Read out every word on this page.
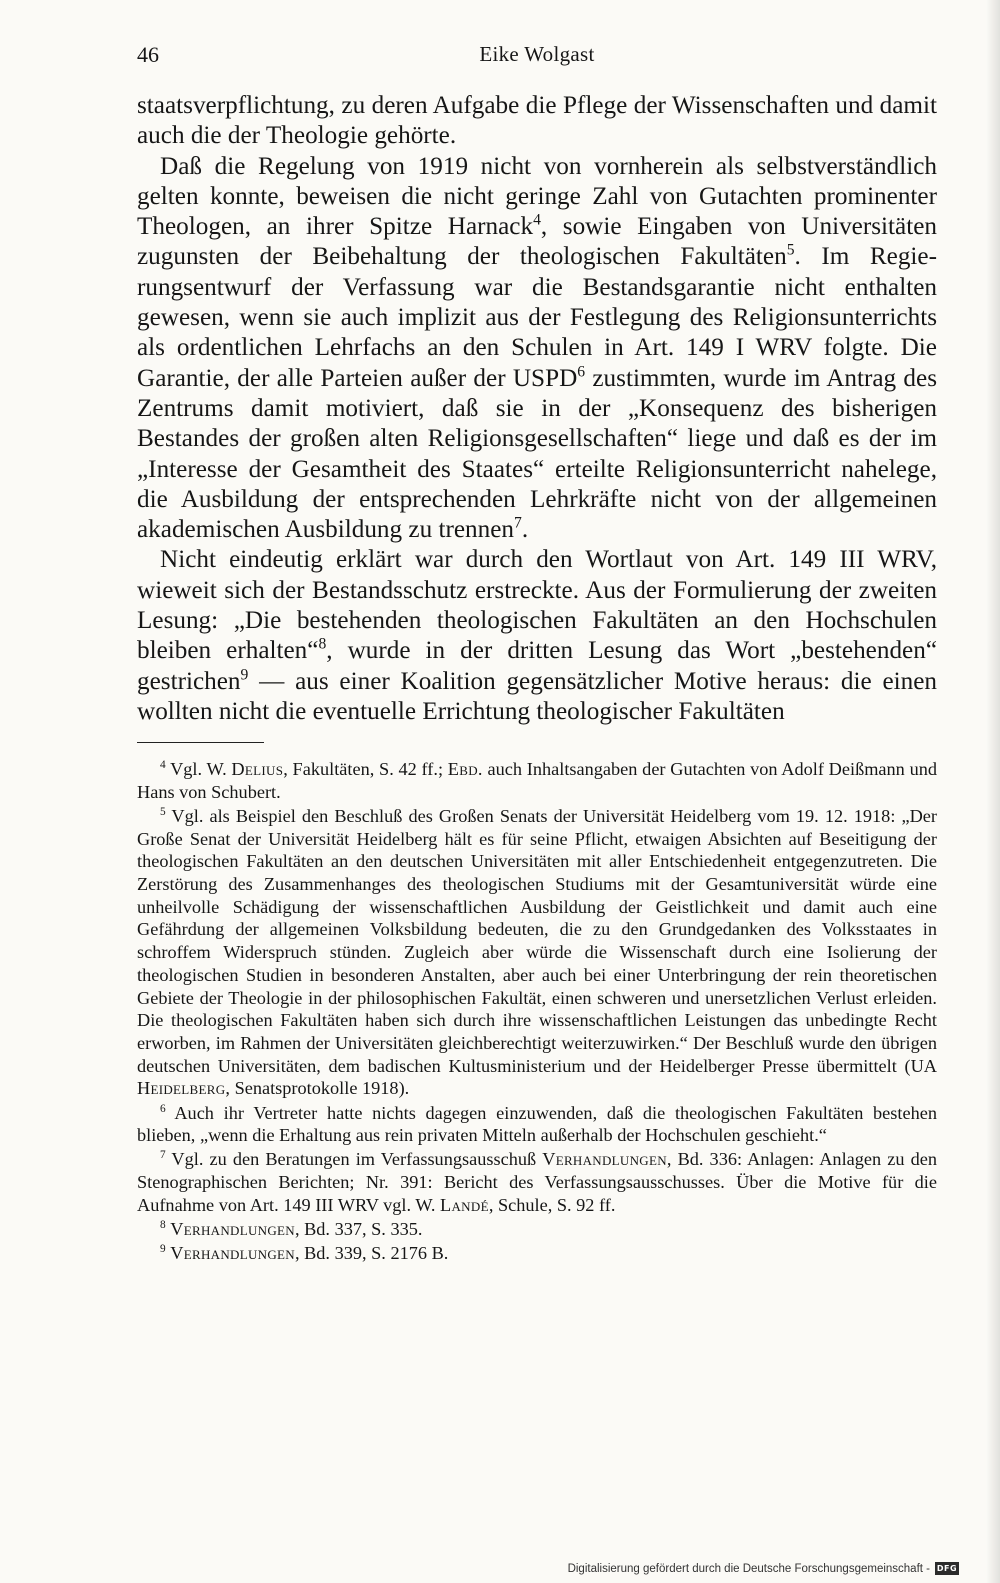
46	Eike Wolgast

staatsverpflichtung, zu deren Aufgabe die Pflege der Wissenschaften und damit auch die der Theologie gehörte.

Daß die Regelung von 1919 nicht von vornherein als selbstverständlich gelten konnte, beweisen die nicht geringe Zahl von Gutachten prominenter Theologen, an ihrer Spitze Harnack$^4$, sowie Eingaben von Universitäten zugunsten der Beibehaltung der theologischen Fakultäten$^5$. Im Regierungsentwurf der Verfassung war die Bestandsgarantie nicht enthalten gewesen, wenn sie auch implizit aus der Festlegung des Religionsunterrichts als ordentlichen Lehrfachs an den Schulen in Art. 149 I WRV folgte. Die Garantie, der alle Parteien außer der USPD$^6$ zustimmten, wurde im Antrag des Zentrums damit motiviert, daß sie in der „Konsequenz des bisherigen Bestandes der großen alten Religionsgesellschaften“ liege und daß es der im „Interesse der Gesamtheit des Staates“ erteilte Religionsunterricht nahelege, die Ausbildung der entsprechenden Lehrkräfte nicht von der allgemeinen akademischen Ausbildung zu trennen$^7$.

Nicht eindeutig erklärt war durch den Wortlaut von Art. 149 III WRV, wieweit sich der Bestandsschutz erstreckte. Aus der Formulierung der zweiten Lesung: „Die bestehenden theologischen Fakultäten an den Hochschulen bleiben erhalten“$^8$, wurde in der dritten Lesung das Wort „bestehenden“ gestrichen$^9$ — aus einer Koalition gegensätzlicher Motive heraus: die einen wollten nicht die eventuelle Errichtung theologischer Fakultäten

$^4$ Vgl. W. Delius, Fakultäten, S. 42 ff.; Ebd. auch Inhaltsangaben der Gutachten von Adolf Deißmann und Hans von Schubert.

$^5$ Vgl. als Beispiel den Beschluß des Großen Senats der Universität Heidelberg vom 19. 12. 1918: „Der Große Senat der Universität Heidelberg hält es für seine Pflicht, etwaigen Absichten auf Beseitigung der theologischen Fakultäten an den deutschen Universitäten mit aller Entschiedenheit entgegenzutreten. Die Zerstörung des Zusammenhanges des theologischen Studiums mit der Gesamtuniversität würde eine unheilvolle Schädigung der wissenschaftlichen Ausbildung der Geistlichkeit und damit auch eine Gefährdung der allgemeinen Volksbildung bedeuten, die zu den Grundgedanken des Volksstaates in schroffem Widerspruch stünden. Zugleich aber würde die Wissenschaft durch eine Isolierung der theologischen Studien in besonderen Anstalten, aber auch bei einer Unterbringung der rein theoretischen Gebiete der Theologie in der philosophischen Fakultät, einen schweren und unersetzlichen Verlust erleiden. Die theologischen Fakultäten haben sich durch ihre wissenschaftlichen Leistungen das unbedingte Recht erworben, im Rahmen der Universitäten gleichberechtigt weiterzuwirken.“ Der Beschluß wurde den übrigen deutschen Universitäten, dem badischen Kultusministerium und der Heidelberger Presse übermittelt (UA Heidelberg, Senatsprotokolle 1918).

$^6$ Auch ihr Vertreter hatte nichts dagegen einzuwenden, daß die theologischen Fakultäten bestehen blieben, „wenn die Erhaltung aus rein privaten Mitteln außerhalb der Hochschulen geschieht.“

$^7$ Vgl. zu den Beratungen im Verfassungsausschuß Verhandlungen, Bd. 336: Anlagen: Anlagen zu den Stenographischen Berichten; Nr. 391: Bericht des Verfassungsausschusses. Über die Motive für die Aufnahme von Art. 149 III WRV vgl. W. Landé, Schule, S. 92 ff.

$^8$ Verhandlungen, Bd. 337, S. 335.

$^9$ Verhandlungen, Bd. 339, S. 2176 B.

Digitalisierung gefördert durch die Deutsche Forschungsgemeinschaft - DFG
